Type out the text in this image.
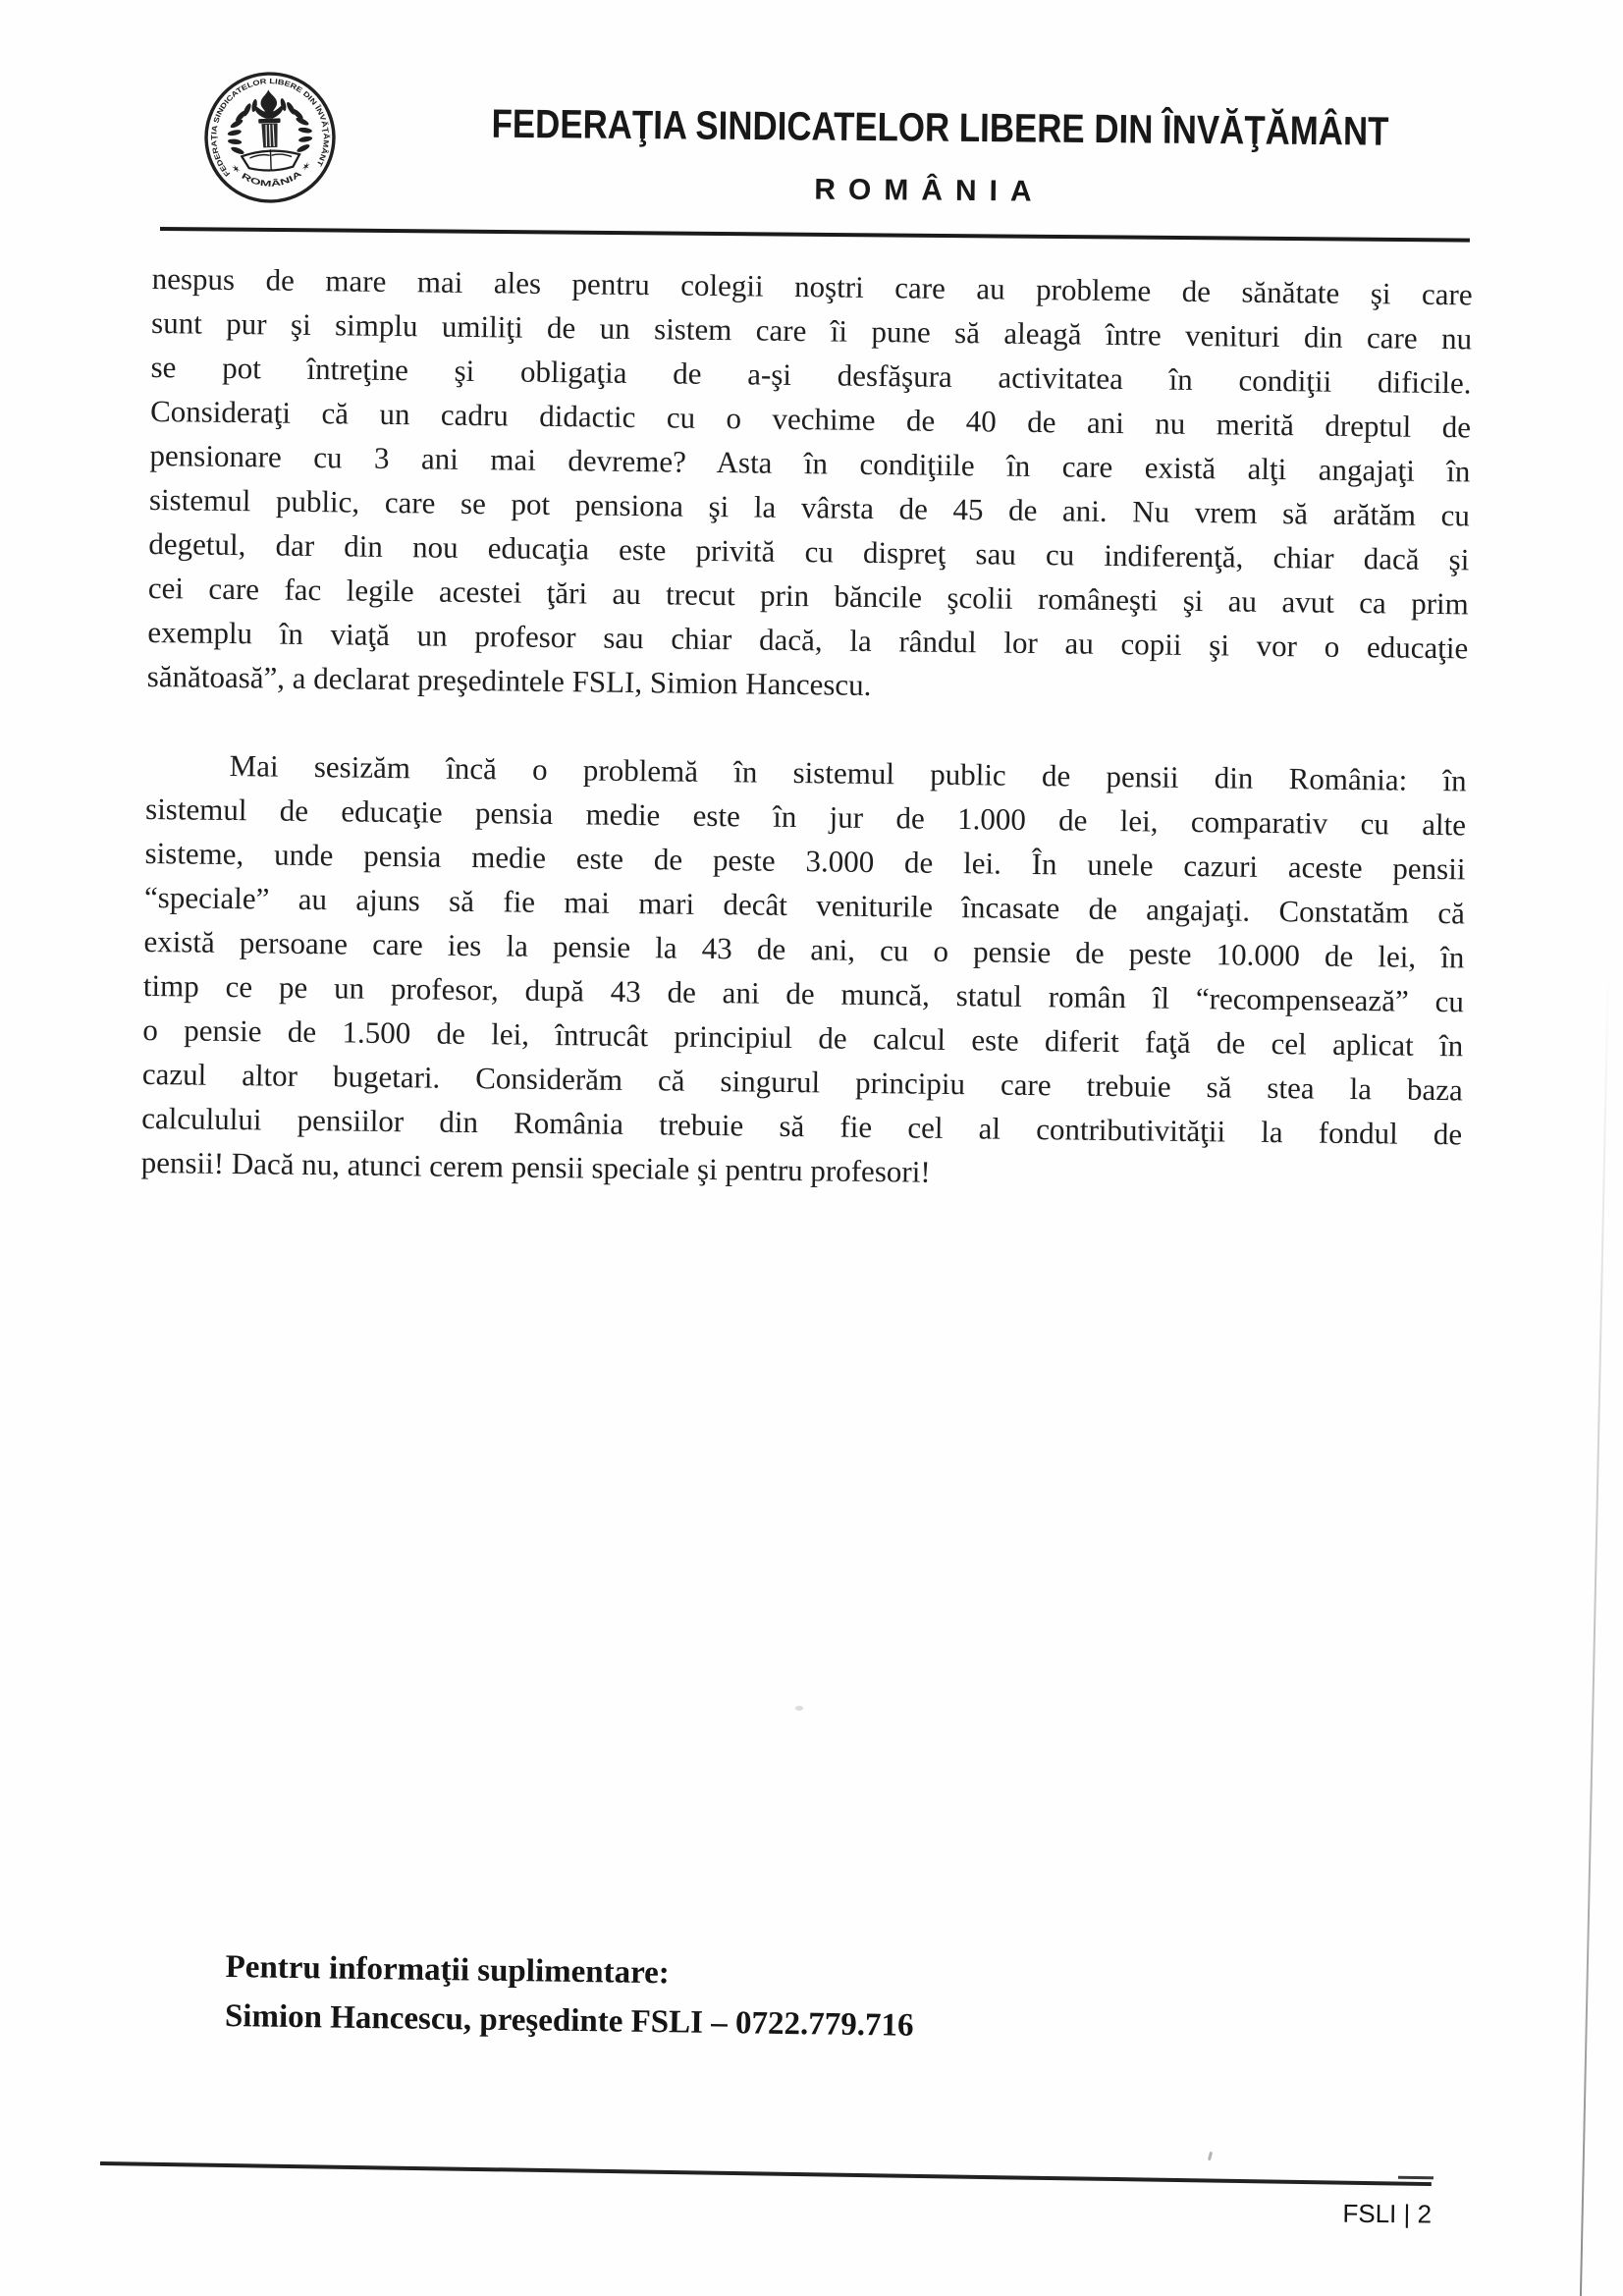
FEDERAŢIA SINDICATELOR LIBERE DIN ÎNVĂŢĂMÂNT
✶ ROMÂNIA ✶
FEDERAŢIA SINDICATELOR LIBERE DIN ÎNVĂŢĂMÂNT
ROMÂNIA
nespus de mare mai ales pentru colegii noştri care au probleme de sănătate şi care
sunt pur şi simplu umiliţi de un sistem care îi pune să aleagă între venituri din care nu
se pot întreţine şi obligaţia de a-şi desfăşura activitatea în condiţii dificile.
Consideraţi că un cadru didactic cu o vechime de 40 de ani nu merită dreptul de
pensionare cu 3 ani mai devreme? Asta în condiţiile în care există alţi angajaţi în
sistemul public, care se pot pensiona şi la vârsta de 45 de ani. Nu vrem să arătăm cu
degetul, dar din nou educaţia este privită cu dispreţ sau cu indiferenţă, chiar dacă şi
cei care fac legile acestei ţări au trecut prin băncile şcolii româneşti şi au avut ca prim
exemplu în viaţă un profesor sau chiar dacă, la rândul lor au copii şi vor o educaţie
sănătoasă”, a declarat preşedintele FSLI, Simion Hancescu.
Mai sesizăm încă o problemă în sistemul public de pensii din România: în
sistemul de educaţie pensia medie este în jur de 1.000 de lei, comparativ cu alte
sisteme, unde pensia medie este de peste 3.000 de lei. În unele cazuri aceste pensii
“speciale” au ajuns să fie mai mari decât veniturile încasate de angajaţi. Constatăm că
există persoane care ies la pensie la 43 de ani, cu o pensie de peste 10.000 de lei, în
timp ce pe un profesor, după 43 de ani de muncă, statul român îl “recompensează” cu
o pensie de 1.500 de lei, întrucât principiul de calcul este diferit faţă de cel aplicat în
cazul altor bugetari. Considerăm că singurul principiu care trebuie să stea la baza
calculului pensiilor din România trebuie să fie cel al contributivităţii la fondul de
pensii! Dacă nu, atunci cerem pensii speciale şi pentru profesori!
Pentru informaţii suplimentare:
Simion Hancescu, preşedinte FSLI – 0722.779.716
FSLI | 2
